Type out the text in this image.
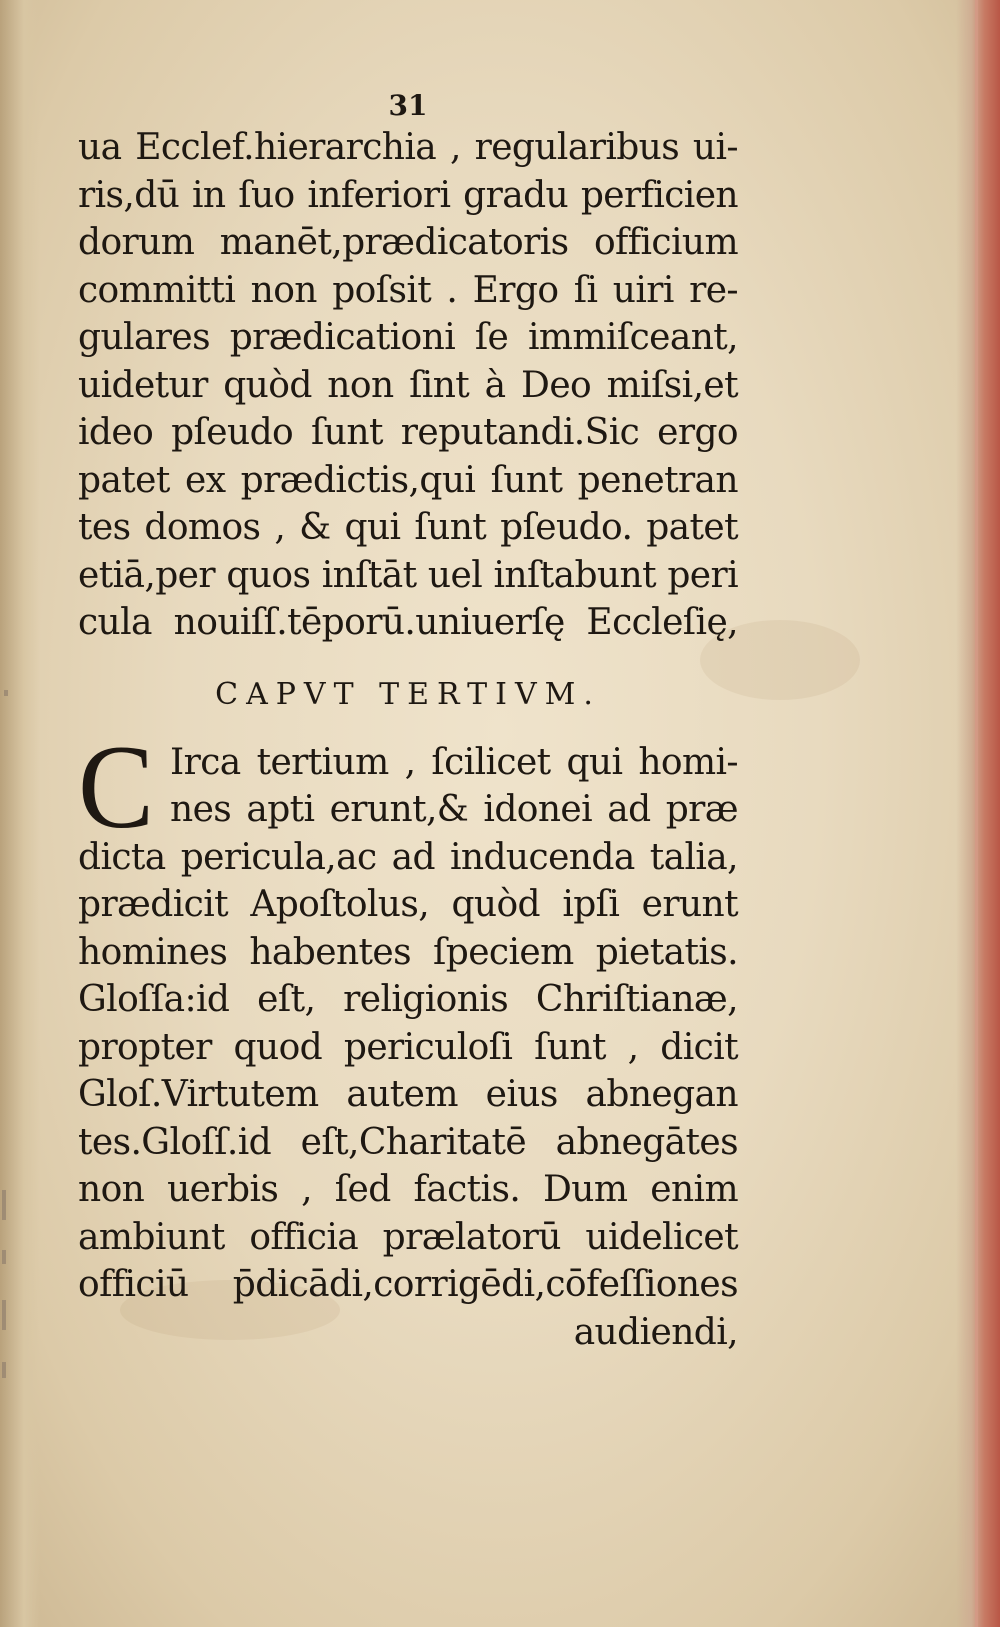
31
ua Ecclef.hierarchia , regularibus ui-
ris,dū in ſuo inferiori gradu perficien
dorum manēt,prædicatoris officium
committi non poſsit . Ergo ſi uiri re-
gulares prædicationi ſe immiſceant,
uidetur quòd non ſint à Deo miſsi,et
ideo pſeudo ſunt reputandi.Sic ergo
patet ex prædictis,qui ſunt penetran
tes domos , & qui ſunt pſeudo. patet
etiā,per quos inſtāt uel inſtabunt peri
cula nouiſſ.tēporū.uniuerſę Eccleſię,
CAPVT TERTIVM.
C Irca tertium , ſcilicet qui homi-
nes apti erunt,& idonei ad præ
dicta pericula,ac ad inducenda talia,
prædicit Apoſtolus, quòd ipſi erunt
homines habentes ſpeciem pietatis.
Gloſſa:id eſt, religionis Chriſtianæ,
propter quod periculoſi ſunt , dicit
Gloſ.Virtutem autem eius abnegan
tes.Gloſſ.id eſt,Charitatē abnegātes
non uerbis , ſed factis. Dum enim
ambiunt officia prælatorū uidelicet
officiū p̄dicādi,corrigēdi,cōfeſſiones
audiendi,
